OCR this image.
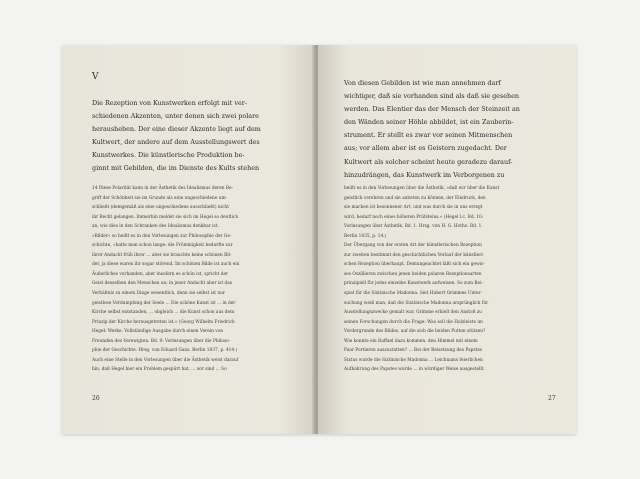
V
Die Rezeption von Kunstwerken erfolgt mit ver-
schiedenen Akzenten, unter denen sich zwei polare
herausheben. Der eine dieser Akzente liegt auf dem
Kultwert, der andere auf dem Ausstellungswert des
Kunstwerkes. Die künstlerische Produktion be-
ginnt mit Gebilden, die im Dienste des Kults stehen
14 Diese Polarität kann in der Ästhetik des Idealismus deren Be-
griff der Schönheit sie im Grunde als eine ungeschiedene um-
schließt (demgemäß als eine ungeschiedene ausschließt) nicht
ihr Recht gelangen. Immerhin meldet sie sich im Hegel so deutlich
an, wie dies in den Schranken des Idealismus denkbar ist.
»Bilder« so heißt es in den Vorlesungen zur Philosophie der Ge-
schichte, »hatte man schon lange: die Frömmigkeit bedurfte zur
ihrer Andacht früh ihrer ... aber sie brauchte keine schönen Bil-
der, ja diese waren ihr sogar störend. Im schönen Bilde ist auch ein
Äußerliches vorhanden, aber insofern es schön ist, spricht der
Geist desselben den Menschen an; in jener Andacht aber ist das
Verhältnis zu einem Dinge wesentlich, denn sie selbst ist nur
geistlose Verdumpfung der Seele ... Die schöne Kunst ist ... in der
Kirche selbst entstanden, ... obgleich ... die Kunst schon aus dem
Prinzip der Kirche herausgetreten ist.« (Georg Wilhelm Friedrich
Hegel: Werke. Vollständige Ausgabe durch einen Verein von
Freunden des Verewigten. Bd. 9: Vorlesungen über die Philoso-
phie der Geschichte. Hrsg. von Eduard Gans. Berlin 1837, p. 414.)
Auch eine Stelle in den Vorlesungen über die Ästhetik weist darauf
hin, daß Hegel hier ein Problem gespürt hat. ... wir sind ... So
26
Von diesen Gebilden ist wie man annehmen darf
wichtiger, daß sie vorhanden sind als daß sie gesehen
werden. Das Elentier das der Mensch der Steinzeit an
den Wänden seiner Höhle abbildet, ist ein Zauberin-
strument. Er stellt es zwar vor seinen Mitmenschen
aus; vor allem aber ist es Geistern zugedacht. Der
Kultwert als solcher scheint heute geradezu darauf-
hinzudrängen, das Kunstwerk im Verborgenen zu
heißt es in den Vorlesungen über die Ästhetik, »daß wir über die Kunst
geistlich verehren und sie anbeten zu können, der Eindruck, den
sie machen ist besonnener Art, und was durch sie in uns erregt
wird, bedarf noch eines höheren Prüfsteins.« (Hegel l.c. Bd. 10:
Vorlesungen über Ästhetik. Bd. 1. Hrsg. von H. G. Hotho. Bd. 1.
Berlin 1835, p. 14.)
Der Übergang von der ersten Art der künstlerischen Rezeption
zur zweiten bestimmt den geschichtlichen Verlauf der künstleri-
schen Rezeption überhaupt. Demungeachtet läßt sich ein gewis-
ses Oszillieren zwischen jenen beiden polaren Rezeptionsarten
prinzipiell für jedes einzelne Kunstwerk aufweisen. So zum Bei-
spiel für die Sixtinische Madonna. Seit Hubert Grimmes Unter-
suchung weiß man, daß die Sixtinische Madonna ursprünglich für
Ausstellungszwecke gemalt war. Grimme erhielt den Anstoß zu
seinen Forschungen durch die Frage: Was soll die Holzleiste im
Vordergrunde des Bildes, auf die sich die beiden Putten stützen?
Wie konnte ein Raffael dazu kommen, den Himmel mit einem
Paar Portieren auszustatten? ... Bei der Beisetzung des Papstes
Sixtus wurde die Sixtinische Madonna ... Leichnams feierlichen
Aufbahrung des Papstes wurde ... in würdiger Weise ausgestellt.
27
